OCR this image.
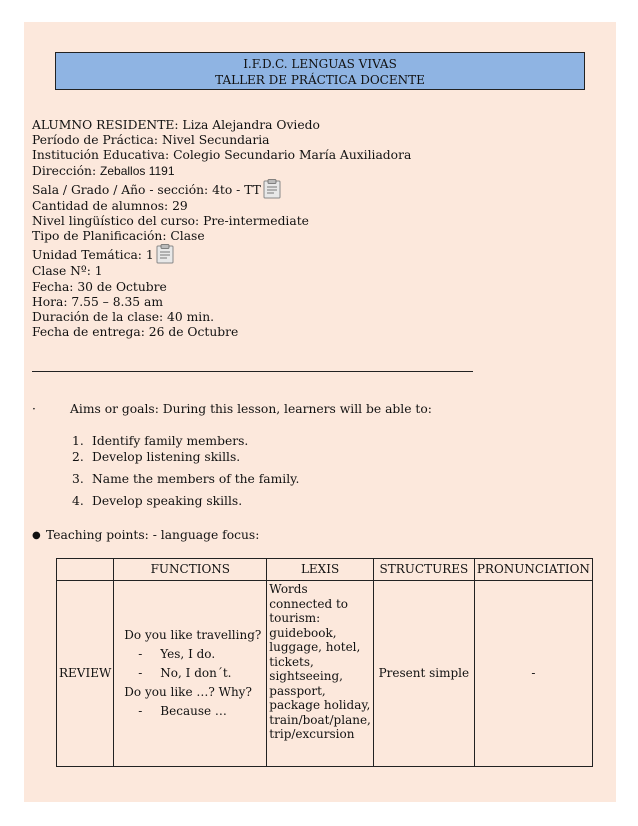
I.F.D.C. LENGUAS VIVAS
TALLER DE PRÁCTICA DOCENTE
ALUMNO RESIDENTE: Liza Alejandra Oviedo
Período de Práctica: Nivel Secundaria
Institución Educativa: Colegio Secundario María Auxiliadora
Dirección: Zeballos 1191
Sala / Grado / Año - sección: 4to - TT
Cantidad de alumnos: 29
Nivel lingüístico del curso: Pre-intermediate
Tipo de Planificación: Clase
Unidad Temática: 1
Clase Nº: 1
Fecha: 30 de Octubre
Hora: 7.55 – 8.35 am
Duración de la clase: 40 min.
Fecha de entrega: 26 de Octubre
·	Aims or goals: During this lesson, learners will be able to:
1. Identify family members.
2. Develop listening skills.
3. Name the members of the family.
4. Develop speaking skills.
● Teaching points: - language focus:
	FUNCTIONS	LEXIS	STRUCTURES	PRONUNCIATION
REVIEW	Do you like travelling?
- Yes, I do.
- No, I don´t.
Do you like …? Why?
- Because …	Words connected to tourism: guidebook, luggage, hotel, tickets, sightseeing, passport, package holiday, train/boat/plane, trip/excursion	Present simple	-
